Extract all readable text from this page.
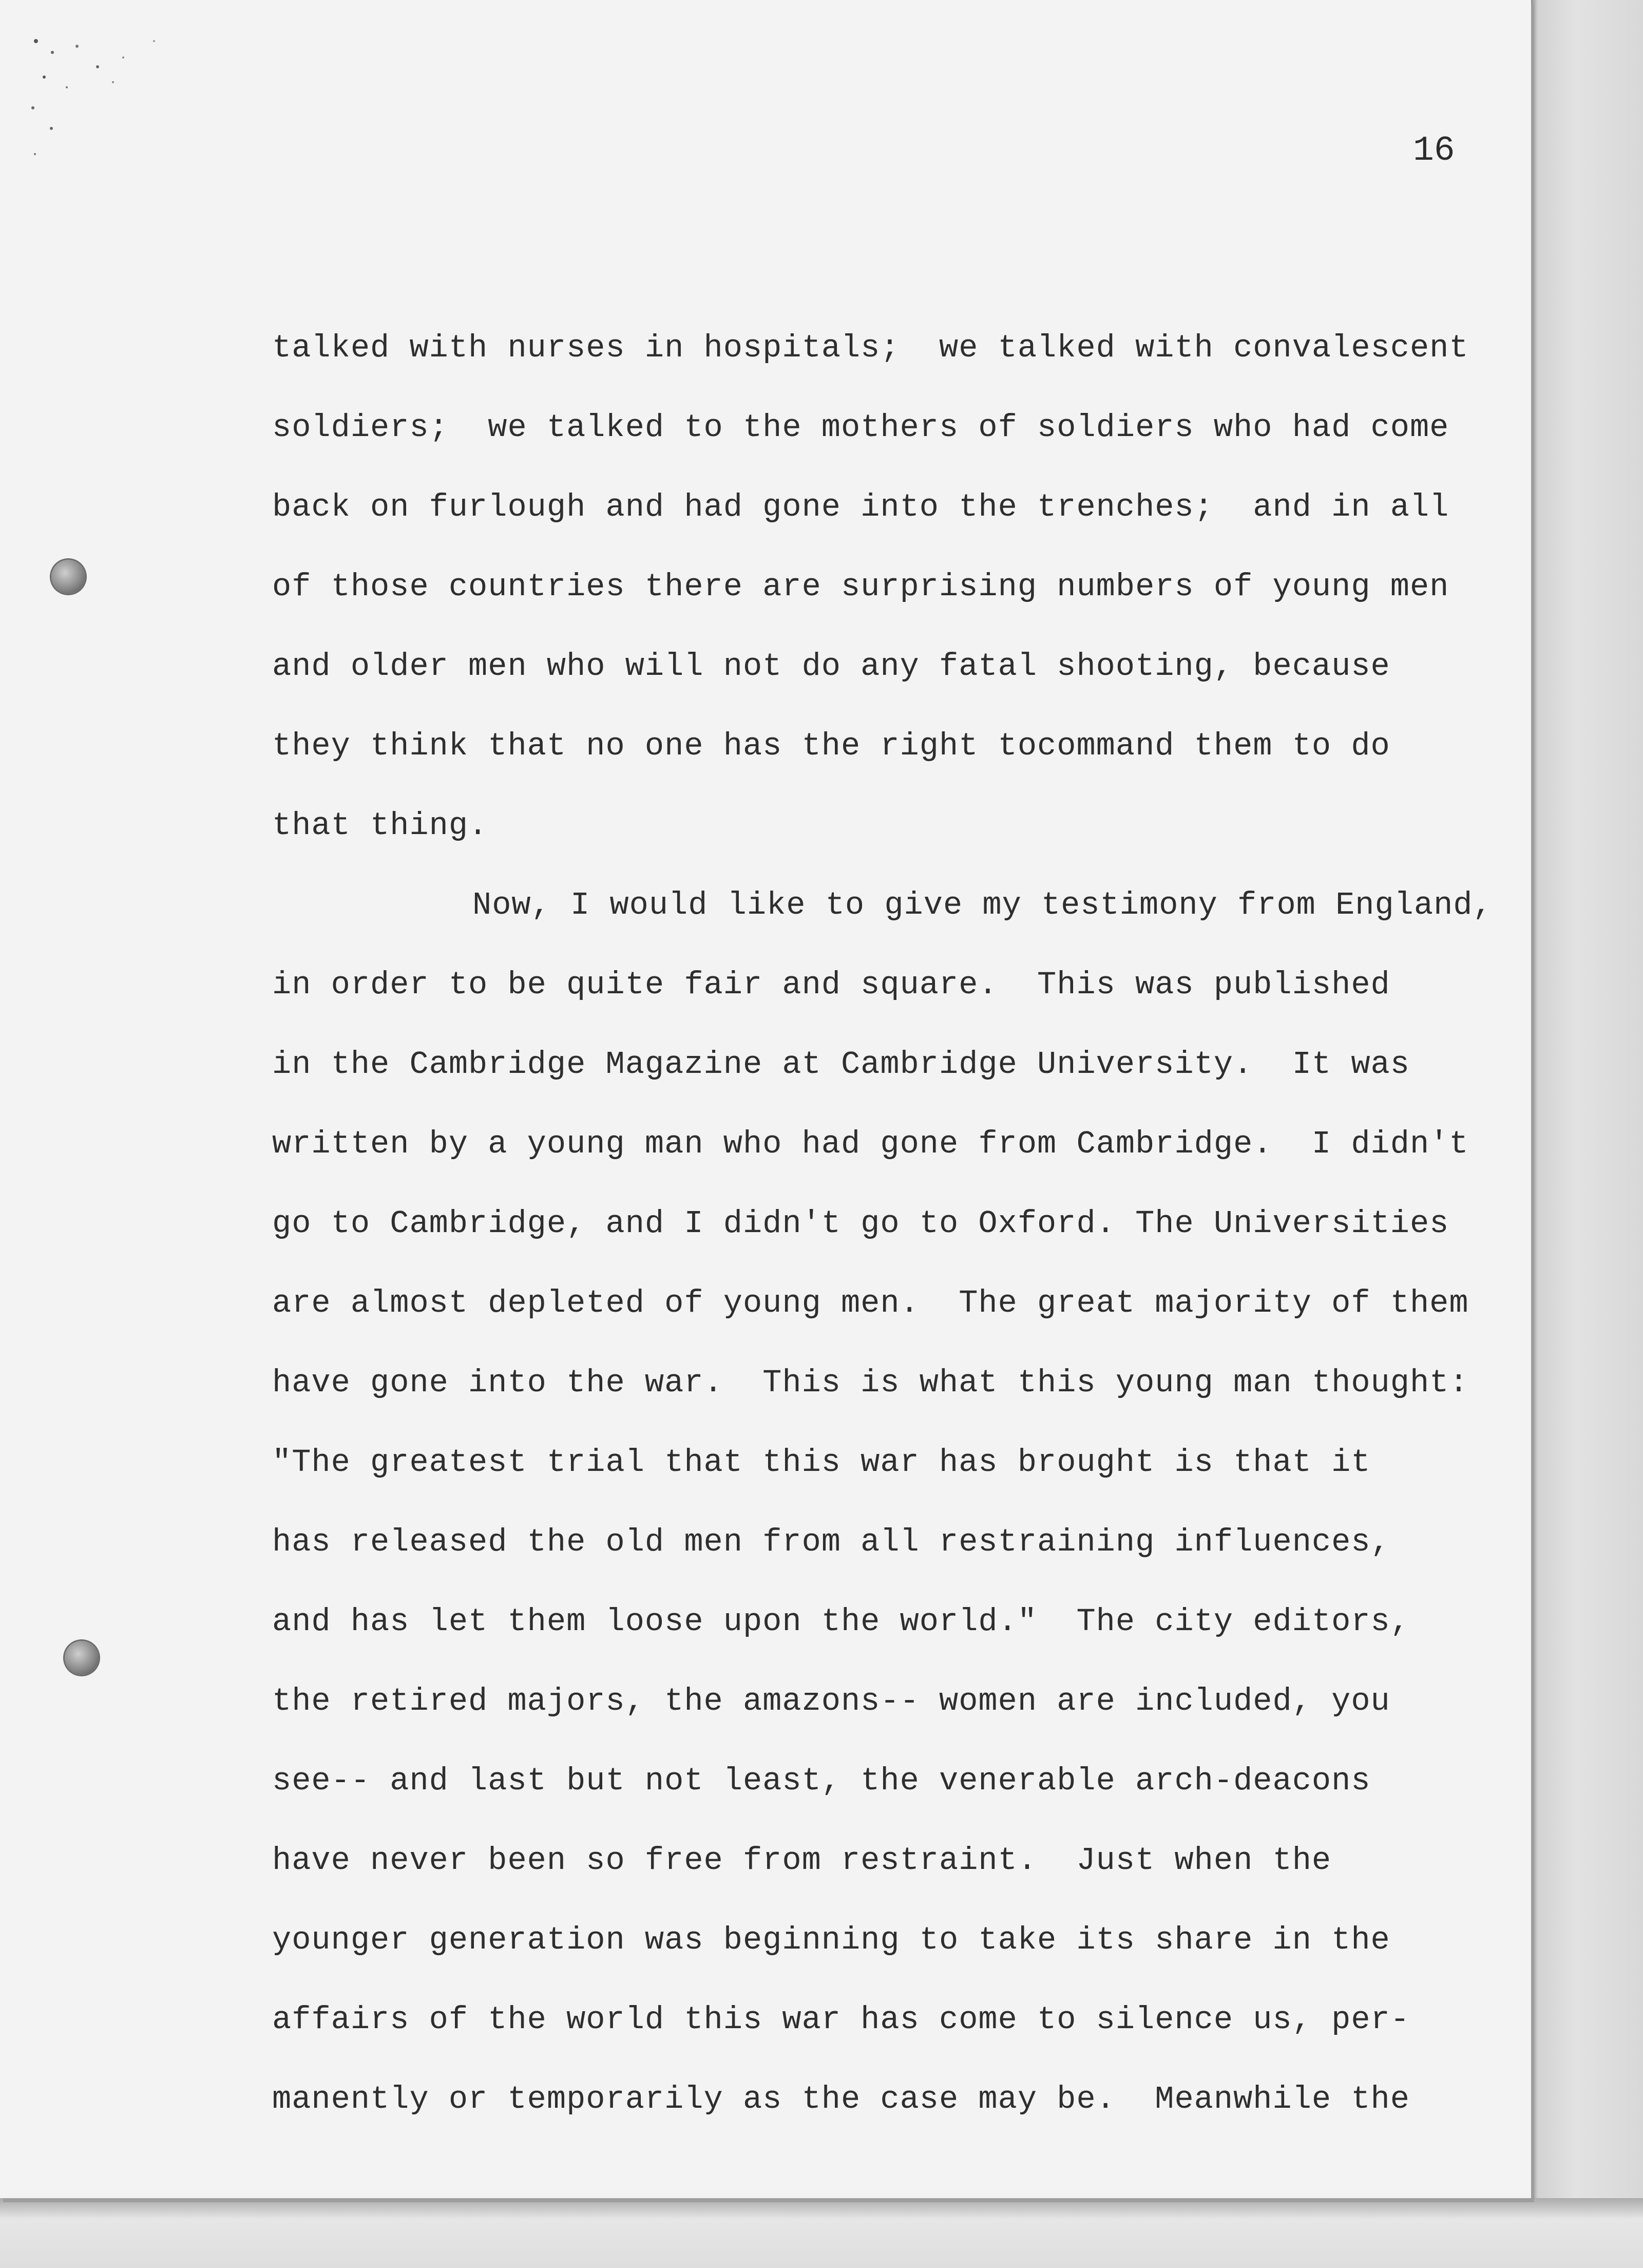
16

talked with nurses in hospitals;  we talked with convalescent
soldiers;  we talked to the mothers of soldiers who had come
back on furlough and had gone into the trenches;  and in all
of those countries there are surprising numbers of young men
and older men who will not do any fatal shooting, because
they think that no one has the right tocommand them to do
that thing.
Now, I would like to give my testimony from England,
in order to be quite fair and square.  This was published
in the Cambridge Magazine at Cambridge University.  It was
written by a young man who had gone from Cambridge.  I didn't
go to Cambridge, and I didn't go to Oxford. The Universities
are almost depleted of young men.  The great majority of them
have gone into the war.  This is what this young man thought:
"The greatest trial that this war has brought is that it
has released the old men from all restraining influences,
and has let them loose upon the world."  The city editors,
the retired majors, the amazons-- women are included, you
see-- and last but not least, the venerable arch-deacons
have never been so free from restraint.  Just when the
younger generation was beginning to take its share in the
affairs of the world this war has come to silence us, per-
manently or temporarily as the case may be.  Meanwhile the
